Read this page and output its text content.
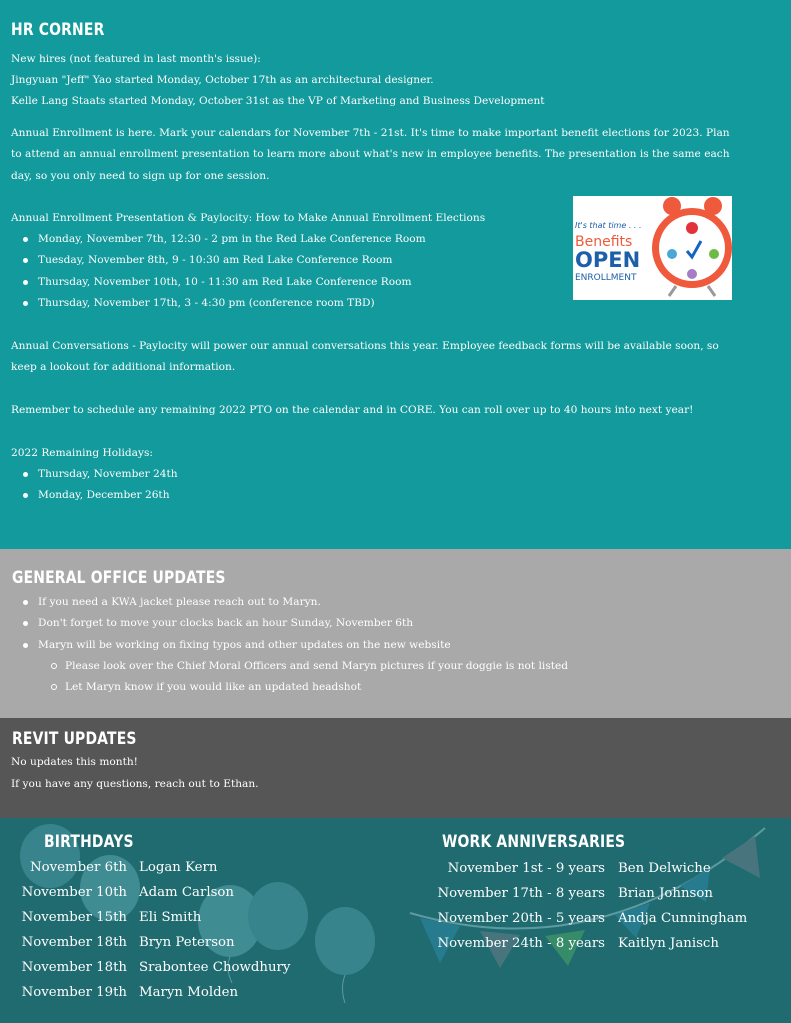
HR CORNER

New hires (not featured in last month's issue):

Jingyuan "Jeff" Yao started Monday, October 17th as an architectural designer.

Kelle Lang Staats started Monday, October 31st as the VP of Marketing and Business Development

Annual Enrollment is here. Mark your calendars for November 7th - 21st. It's time to make important benefit elections for 2023. Plan to attend an annual enrollment presentation to learn more about what's new in employee benefits. The presentation is the same each day, so you only need to sign up for one session.

Annual Enrollment Presentation & Paylocity: How to Make Annual Enrollment Elections

Monday, November 7th, 12:30 - 2 pm in the Red Lake Conference Room
Tuesday, November 8th, 9 - 10:30 am Red Lake Conference Room
Thursday, November 10th, 10 - 11:30 am Red Lake Conference Room
Thursday, November 17th, 3 - 4:30 pm (conference room TBD)
It's that time . . .
Benefits
OPEN
ENROLLMENT

Annual Conversations - Paylocity will power our annual conversations this year. Employee feedback forms will be available soon, so keep a lookout for additional information.

Remember to schedule any remaining 2022 PTO on the calendar and in CORE. You can roll over up to 40 hours into next year!

2022 Remaining Holidays:

Thursday, November 24th
Monday, December 26th
GENERAL OFFICE UPDATES
If you need a KWA jacket please reach out to Maryn.
Don't forget to move your clocks back an hour Sunday, November 6th
Maryn will be working on fixing typos and other updates on the new website
Please look over the Chief Moral Officers and send Maryn pictures if your doggie is not listed
Let Maryn know if you would like an updated headshot
REVIT UPDATES

No updates this month!

If you have any questions, reach out to Ethan.

BIRTHDAYS
November 6th Logan Kern
November 10th Adam Carlson
November 15th Eli Smith
November 18th Bryn Peterson
November 18th Srabontee Chowdhury
November 19th Maryn Molden
WORK ANNIVERSARIES
November 1st - 9 years Ben Delwiche
November 17th - 8 years Brian Johnson
November 20th - 5 years Andja Cunningham
November 24th - 8 years Kaitlyn Janisch
